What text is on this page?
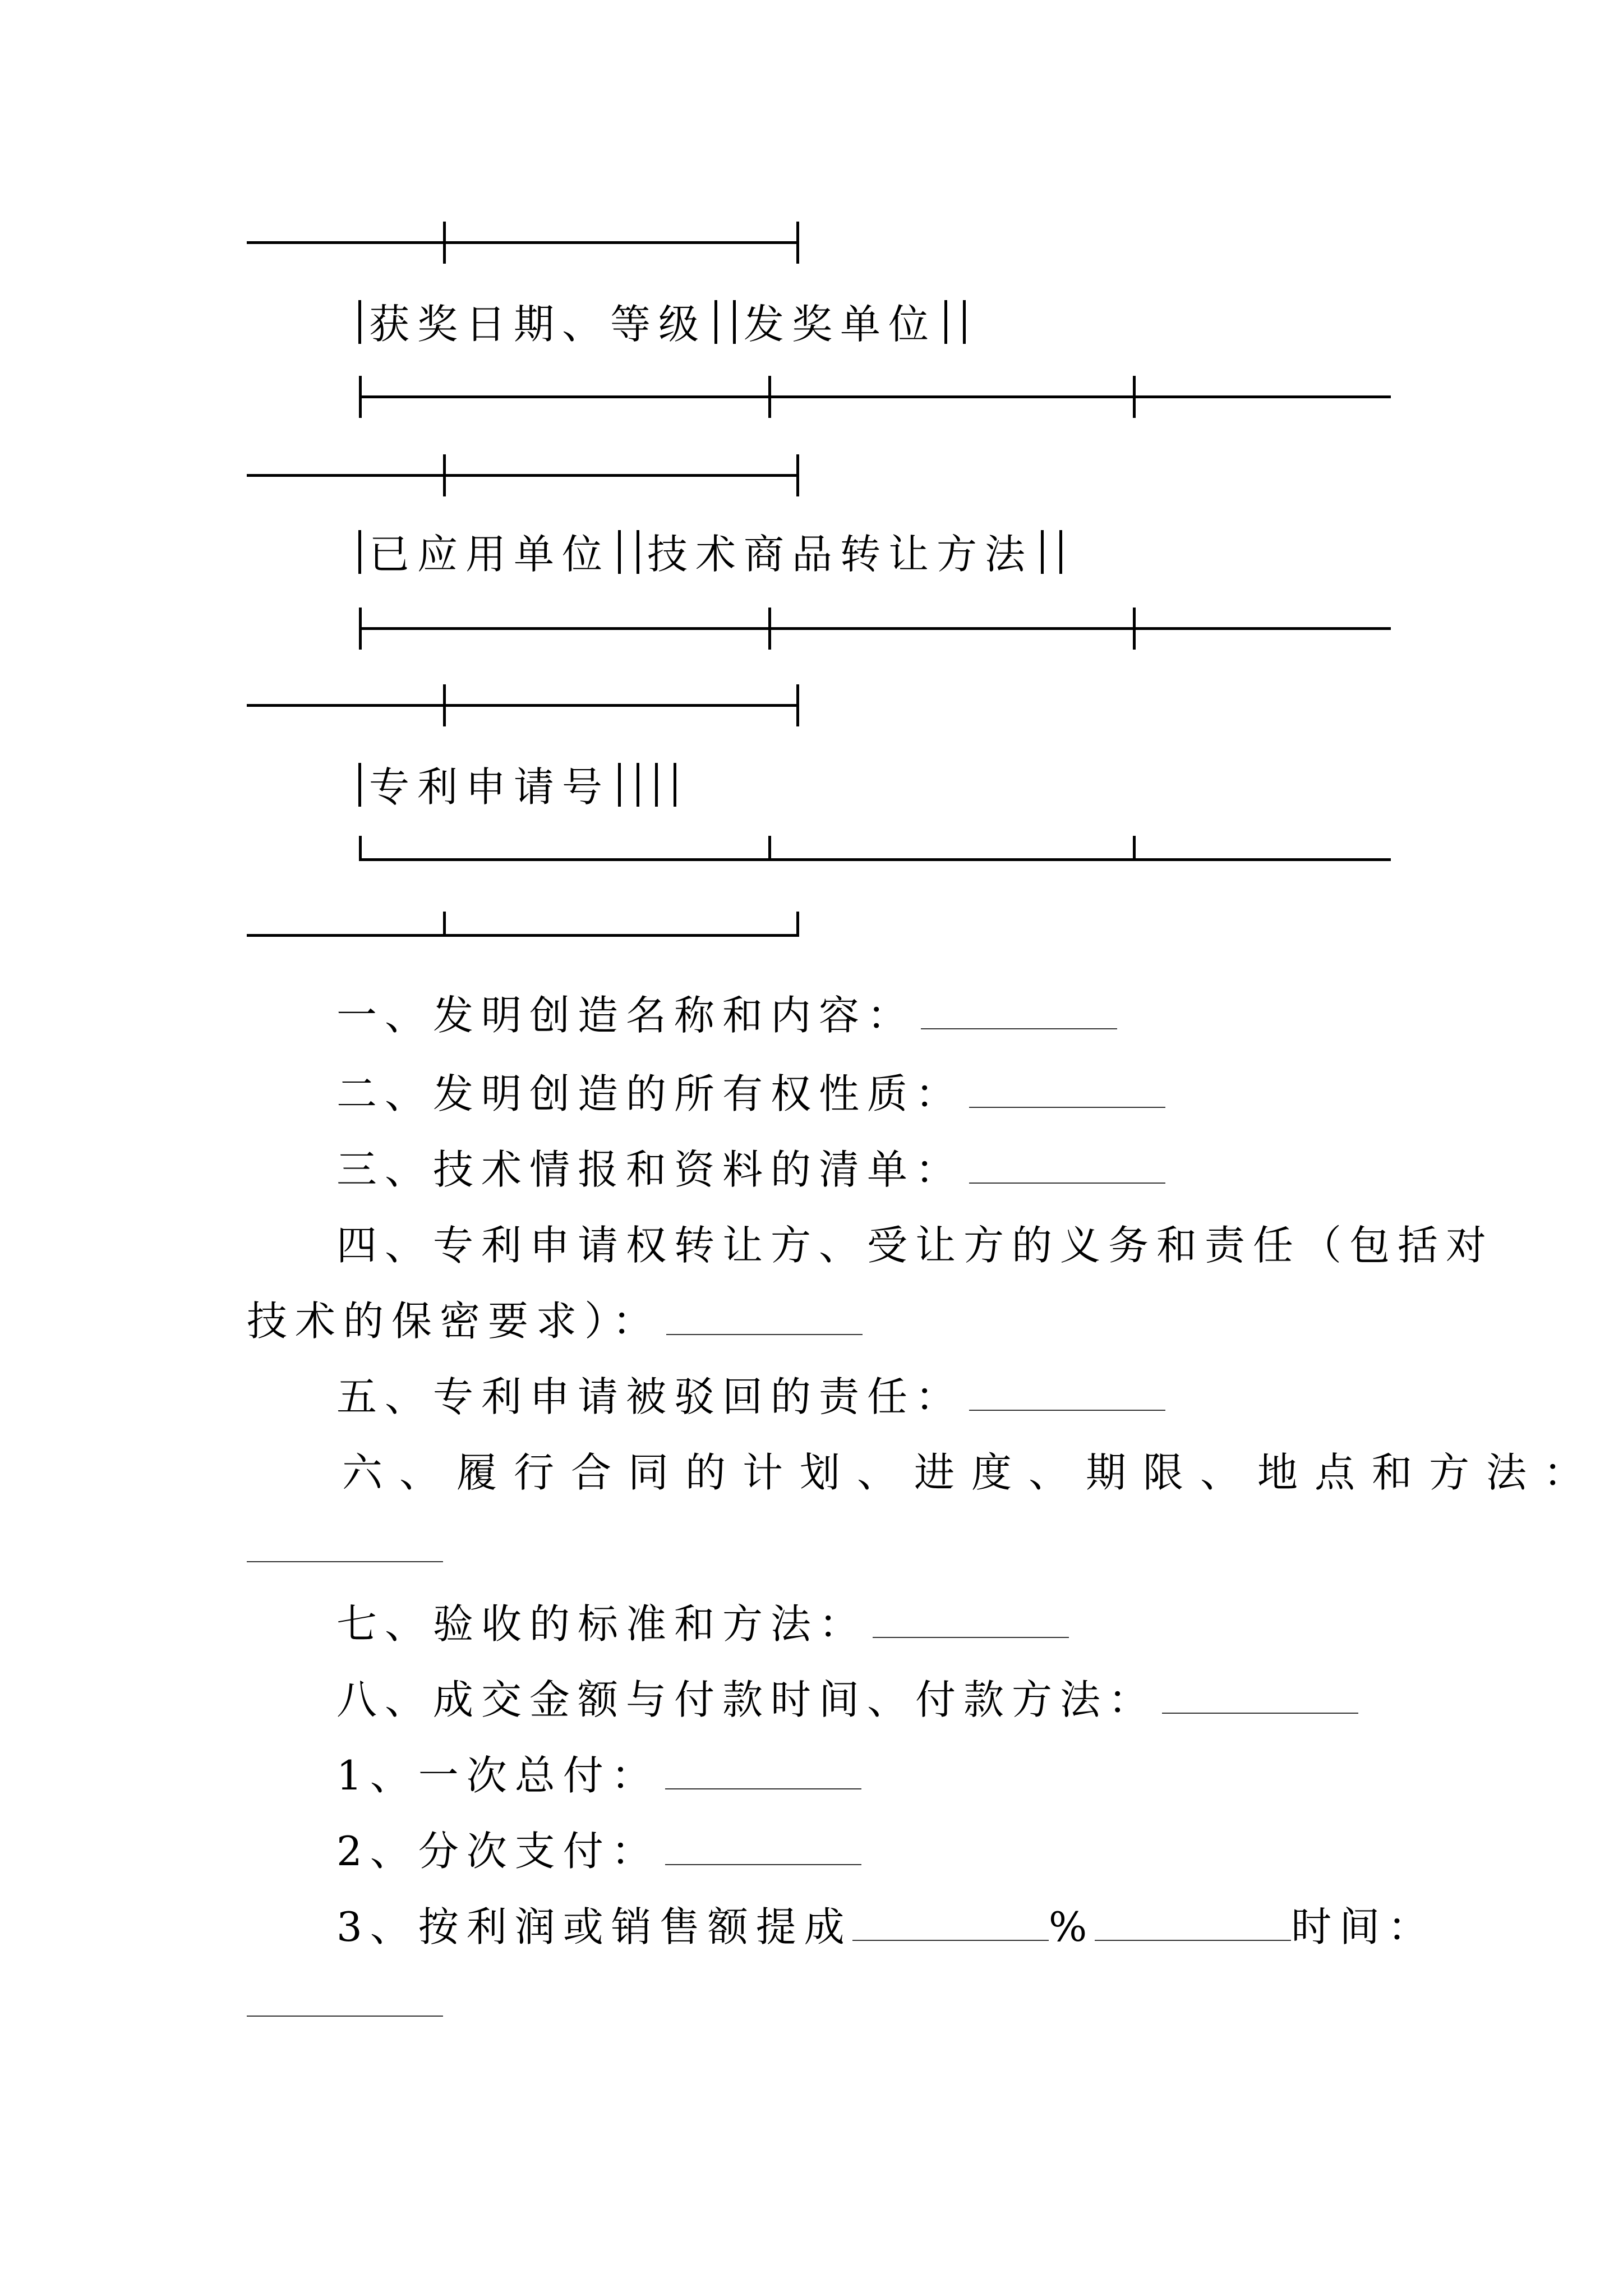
获奖日期、等级 发奖单位
已应用单位 技术商品转让方法
专利申请号
一、发明创造名称和内容：
二、发明创造的所有权性质：
三、技术情报和资料的清单：
四、专利申请权转让方、受让方的义务和责任（包括对
技术的保密要求）：
五、专利申请被驳回的责任：
六、履行合同的计划、进度、期限、地点和方法：
七、验收的标准和方法：
八、成交金额与付款时间、付款方法：
1、一次总付：
2、分次支付：
3、按利润或销售额提成	%	时间：
